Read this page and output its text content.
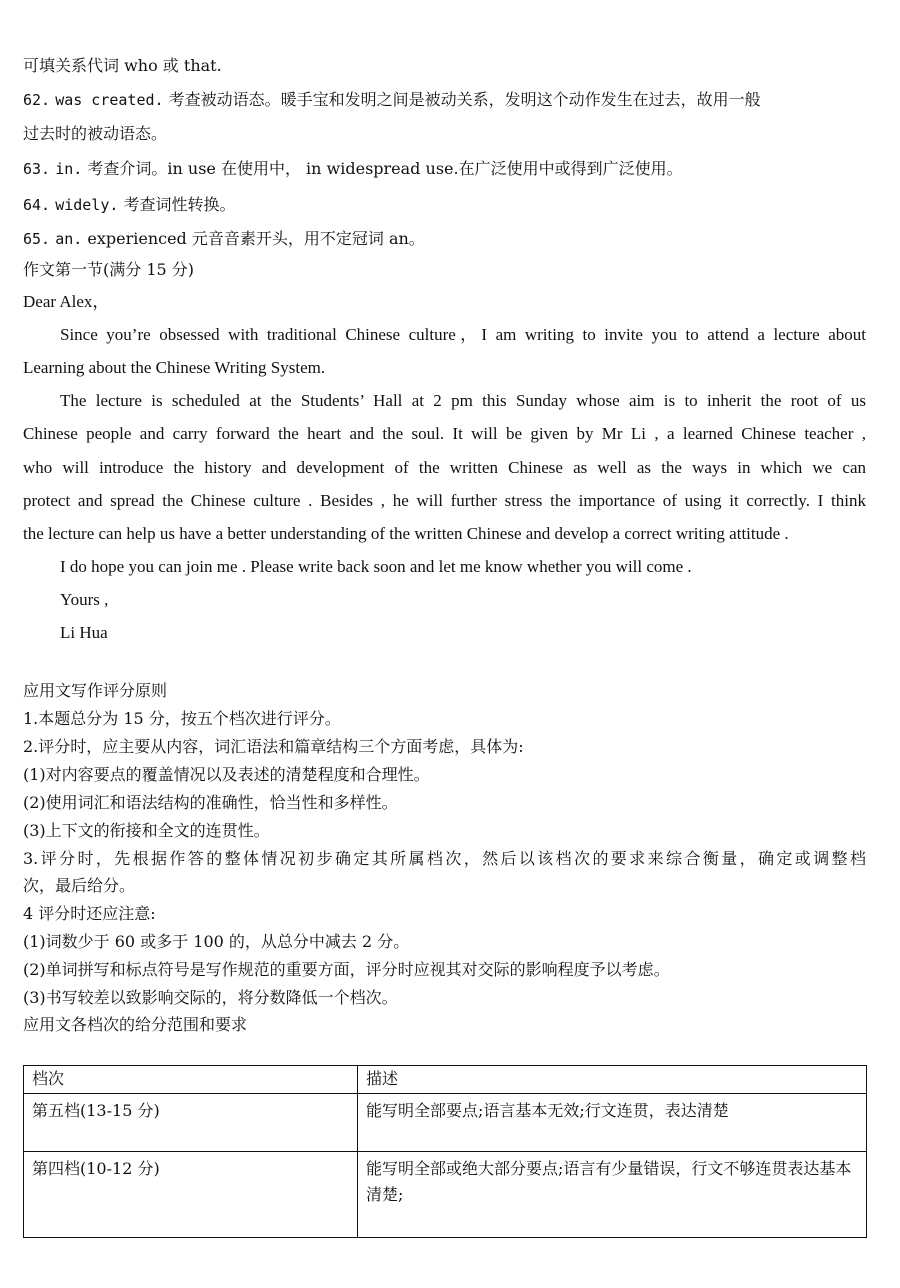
可填关系代词 who 或 that.
62. was created. 考查被动语态。暖手宝和发明之间是被动关系，发明这个动作发生在过去，故用一般
过去时的被动语态。
63. in. 考查介词。in use 在使用中， in widespread use.在广泛使用中或得到广泛使用。
64. widely. 考查词性转换。
65. an. experienced 元音音素开头，用不定冠词 an。
作文第一节(满分 15 分)
Dear Alex，
Since you’re obsessed with traditional Chinese culture，I am writing to invite you to attend a lecture about
Learning about the Chinese Writing System.
The lecture is scheduled at the Students’ Hall at 2 pm this Sunday whose aim is to inherit the root of us
Chinese people and carry forward the heart and the soul. It will be given by Mr Li , a learned Chinese teacher ,
who will introduce the history and development of the written Chinese as well as the ways in which we can
protect and spread the Chinese culture . Besides , he will further stress the importance of using it correctly. I think
the lecture can help us have a better understanding of the written Chinese and develop a correct writing attitude .
I do hope you can join me . Please write back soon and let me know whether you will come .
Yours ,
Li Hua
应用文写作评分原则
1.本题总分为 15 分，按五个档次进行评分。
2.评分时，应主要从内容，词汇语法和篇章结构三个方面考虑，具体为:
(1)对内容要点的覆盖情况以及表述的清楚程度和合理性。
(2)使用词汇和语法结构的准确性，恰当性和多样性。
(3)上下文的衔接和全文的连贯性。
3.评分时，先根据作答的整体情况初步确定其所属档次，然后以该档次的要求来综合衡量，确定或调整档
次，最后给分。
4 评分时还应注意:
(1)词数少于 60 或多于 100 的，从总分中减去 2 分。
(2)单词拼写和标点符号是写作规范的重要方面，评分时应视其对交际的影响程度予以考虑。
(3)书写较差以致影响交际的，将分数降低一个档次。
应用文各档次的给分范围和要求
档次	描述
第五档(13-15 分)	能写明全部要点;语言基本无效;行文连贯，表达清楚
第四档(10-12 分)	能写明全部或绝大部分要点;语言有少量错误，行文不够连贯表达基本清楚;
